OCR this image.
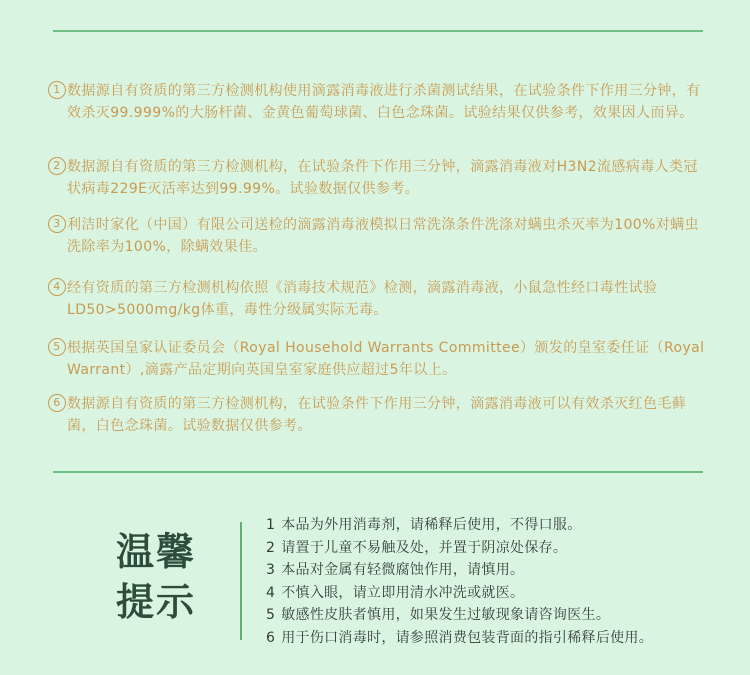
1 数据源自有资质的第三方检测机构使用滴露消毒液进行杀菌测试结果，在试验条件下作用三分钟，有效杀灭99.999%的大肠杆菌、金黄色葡萄球菌、白色念珠菌。试验结果仅供参考，效果因人而异。
2 数据源自有资质的第三方检测机构，在试验条件下作用三分钟，滴露消毒液对H3N2流感病毒人类冠状病毒229E灭活率达到99.99%。试验数据仅供参考。
3 利洁时家化（中国）有限公司送检的滴露消毒液模拟日常洗涤条件洗涤对螨虫杀灭率为100%对螨虫洗除率为100%，除螨效果佳。
4 经有资质的第三方检测机构依照《消毒技术规范》检测，滴露消毒液，小鼠急性经口毒性试验LD50>5000mg/kg体重，毒性分级属实际无毒。
5 根据英国皇家认证委员会（Royal Household Warrants Committee）颁发的皇室委任证（Royal Warrant）,滴露产品定期向英国皇室家庭供应超过5年以上。
6 数据源自有资质的第三方检测机构，在试验条件下作用三分钟，滴露消毒液可以有效杀灭红色毛藓菌，白色念珠菌。试验数据仅供参考。
温馨
提示
1 本品为外用消毒剂，请稀释后使用，不得口服。
2 请置于儿童不易触及处，并置于阴凉处保存。
3 本品对金属有轻微腐蚀作用，请慎用。
4 不慎入眼，请立即用清水冲洗或就医。
5 敏感性皮肤者慎用，如果发生过敏现象请咨询医生。
6 用于伤口消毒时，请参照消费包装背面的指引稀释后使用。
